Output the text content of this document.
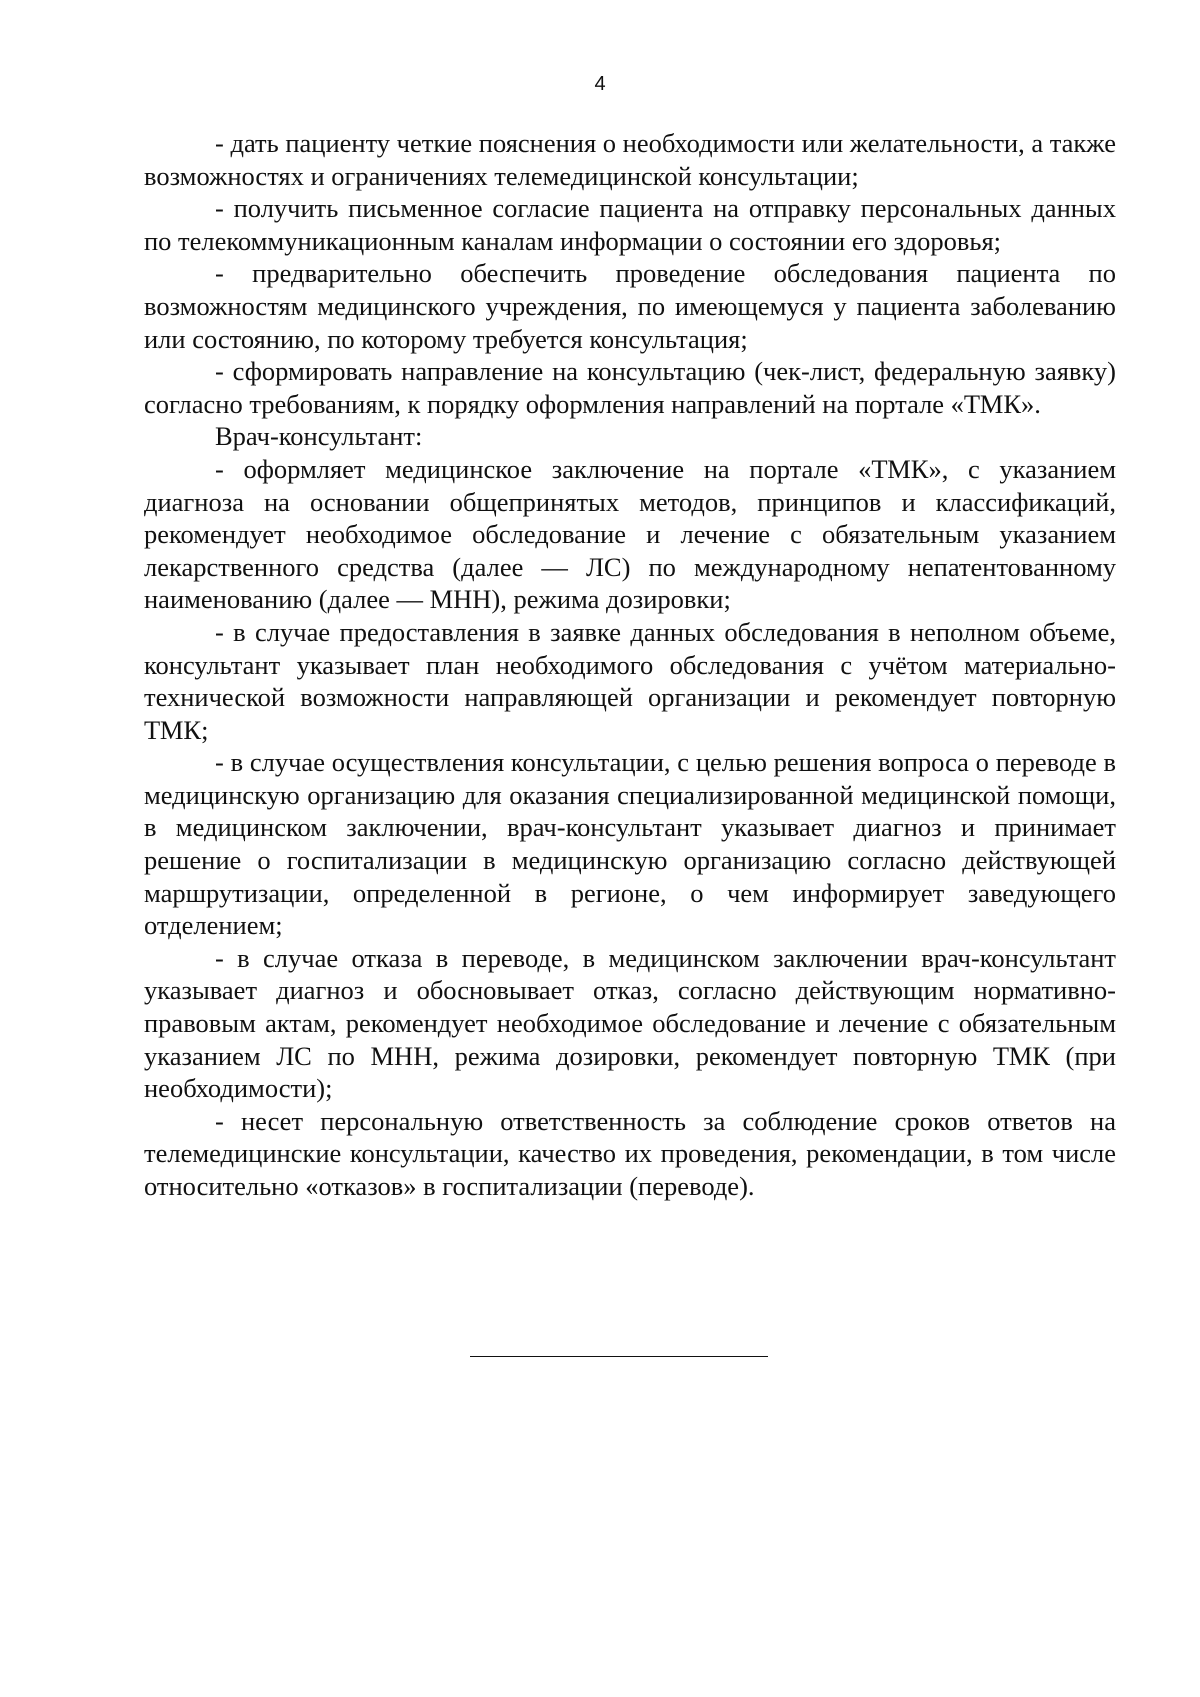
4

- дать пациенту четкие пояснения о необходимости или желательности, а также возможностях и ограничениях телемедицинской консультации;

- получить письменное согласие пациента на отправку персональных данных по телекоммуникационным каналам информации о состоянии его здоровья;

- предварительно обеспечить проведение обследования пациента по возможностям медицинского учреждения, по имеющемуся у пациента заболеванию или состоянию, по которому требуется консультация;

- сформировать направление на консультацию (чек-лист, федеральную заявку) согласно требованиям, к порядку оформления направлений на портале «ТМК».

Врач-консультант:

- оформляет медицинское заключение на портале «ТМК», с указанием диагноза на основании общепринятых методов, принципов и классификаций, рекомендует необходимое обследование и лечение с обязательным указанием лекарственного средства (далее — ЛС) по международному непатентованному наименованию (далее — МНН), режима дозировки;

- в случае предоставления в заявке данных обследования в неполном объеме, консультант указывает план необходимого обследования с учётом материально-технической возможности направляющей организации и рекомендует повторную ТМК;

- в случае осуществления консультации, с целью решения вопроса о переводе в медицинскую организацию для оказания специализированной медицинской помощи, в медицинском заключении, врач-консультант указывает диагноз и принимает решение о госпитализации в медицинскую организацию согласно действующей маршрутизации, определенной в регионе, о чем информирует заведующего отделением;

- в случае отказа в переводе, в медицинском заключении врач-консультант указывает диагноз и обосновывает отказ, согласно действующим нормативно-правовым актам, рекомендует необходимое обследование и лечение с обязательным указанием ЛС по МНН, режима дозировки, рекомендует повторную ТМК (при необходимости);

- несет персональную ответственность за соблюдение сроков ответов на телемедицинские консультации, качество их проведения, рекомендации, в том числе относительно «отказов» в госпитализации (переводе).
